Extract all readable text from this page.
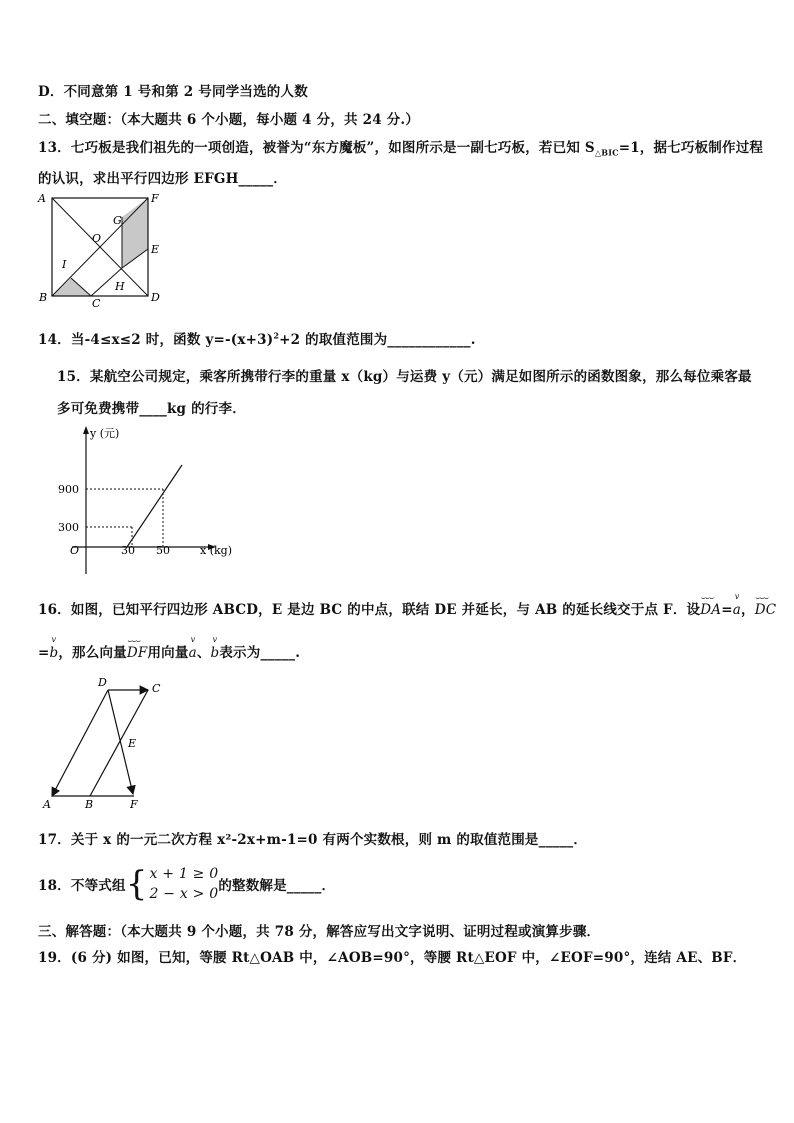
D．不同意第 1 号和第 2 号同学当选的人数
二、填空题：（本大题共 6 个小题，每小题 4 分，共 24 分.）
13．七巧板是我们祖先的一项创造，被誉为“东方魔板”，如图所示是一副七巧板，若已知 $S_{\triangle BIC}=1$，据七巧板制作过程
的认识，求出平行四边形 EFGH_____．
A	F
G
O
E
I
H
B	C	D
14．当-4≤x≤2 时，函数 $y=-(x+3)^2+2$ 的取值范围为____________.
15．某航空公司规定，乘客所携带行李的重量 x（kg）与运费 y（元）满足如图所示的函数图象，那么每位乘客最
多可免费携带____kg 的行李．
y (元)
x (kg)
O
900
300
30 50
16．如图，已知平行四边形 ABCD，E 是边 BC 的中点，联结 DE 并延长，与 AB 的延长线交于点 F．设⌣⌣⌣ DA=v a，⌣⌣⌣ DC
=v b，那么向量⌣⌣⌣ DF用向量v a、v b表示为_____.
D	C
E
A	B	F
17．关于 x 的一元二次方程 x²-2x+m-1=0 有两个实数根，则 m 的取值范围是_____．
18．不等式组{ x + 1 ≥ 0
2 − x > 0的整数解是_____．
三、解答题：（本大题共 9 个小题，共 78 分，解答应写出文字说明、证明过程或演算步骤．
19．(6 分) 如图，已知，等腰 Rt△OAB 中，∠AOB=90°，等腰 Rt△EOF 中，∠EOF=90°，连结 AE、BF．
